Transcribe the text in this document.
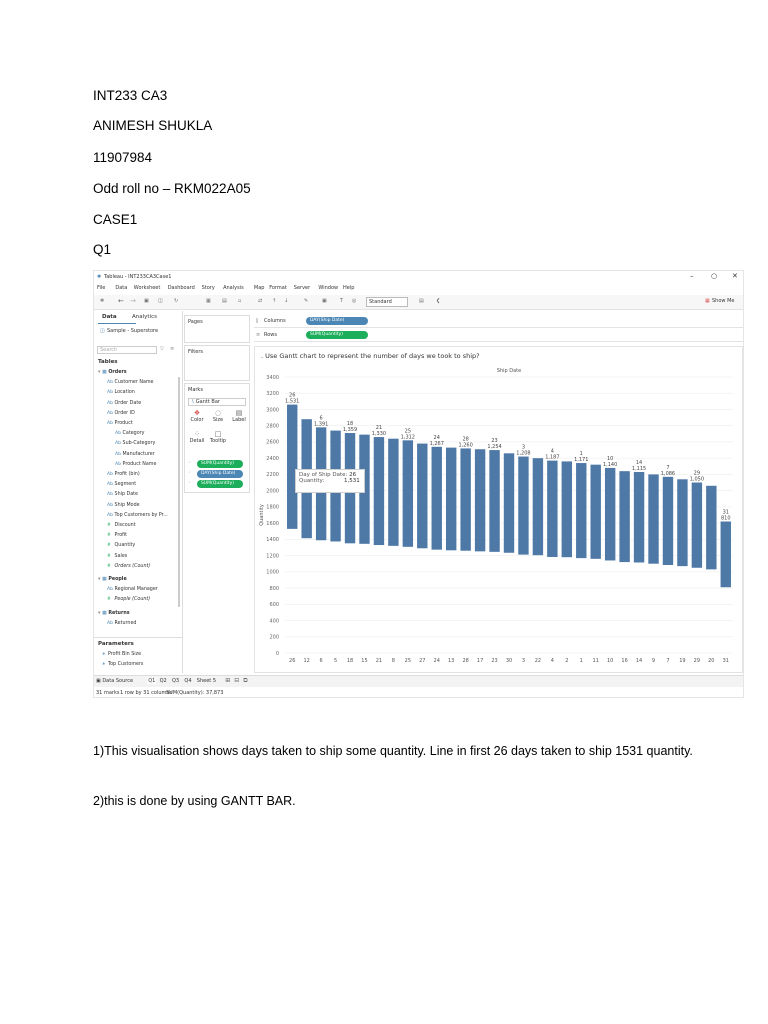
INT233 CA3
ANIMESH SHUKLA
11907984
Odd roll no – RKM022A05
CASE1
Q1
✱ Tableau - INT233CA3Case1	–	○ ✕
File Data Worksheet Dashboard Story Analysis Map Format Server Window Help
✱ ← → ▣ ◫ ↻	▦ ▤ ▫	⇄ ↑ ↓	✎	▣	T ◎	Standard	▤ ❮	▦ Show Me
Data	Analytics
◫ Sample - Superstore
Search	▽ ≡
Tables
▾ ▦ Orders
Ab Customer Name
Ab Location
Ab Order Date
Ab Order ID
Ab Product
Ab Category
Ab Sub-Category
Ab Manufacturer
Ab Product Name
Ab Profit (bin)
Ab Segment
Ab Ship Date
Ab Ship Mode
Ab Top Customers by Pr...
# Discount
# Profit
# Quantity
# Sales
# Orders (Count)
▾ ▦ People
Ab Regional Manager
# People (Count)
▾ ▦ Returns
Ab Returned
Parameters
∗ Profit Bin Size
∗ Top Customers
Pages
Filters
Marks
∖ Gantt Bar
❖
Color
◌
Size
▤
Label
⁘
Detail
□
Tooltip
SUM(Quantity)
DAY(Ship Date)
SUM(Quantity)
◦
◦
◦
∥ Columns	DAY(Ship Date)
≡ Rows	SUM(Quantity)
. Use Gantt chart to represent the number of days we took to ship?
Ship Date
0
200
400
600
800
1000
1200
1400
1600
1800
2000
2200
2400
2600
2800
3000
3200
3400
Quantity
26
26
1,531
12 6
6
1,391
5 18
18
1,359
15 21
21
1,330
8 25
25
1,312
27 24
24
1,267
13 28
28
1,260
17 23
23
1,254
30 3
3
1,208
22 4
4
1,187
2 1
1
1,171
11 10
10
1,140
16 14
14
1,115
9 7
7
1,086
19 29
29
1,050
20 31
31
810
Day of Ship Date: 26
Quantity:	1,531
▣ Data Source	Q1 Q2 Q3 Q4 Sheet 5 ⊞ ⊟ ⧉
31 marks 1 row by 31 columns
SUM(Quantity): 37,873
1)This visualisation shows days taken to ship some quantity. Line in first 26 days taken to ship 1531 quantity.
2)this is done by using GANTT BAR.
